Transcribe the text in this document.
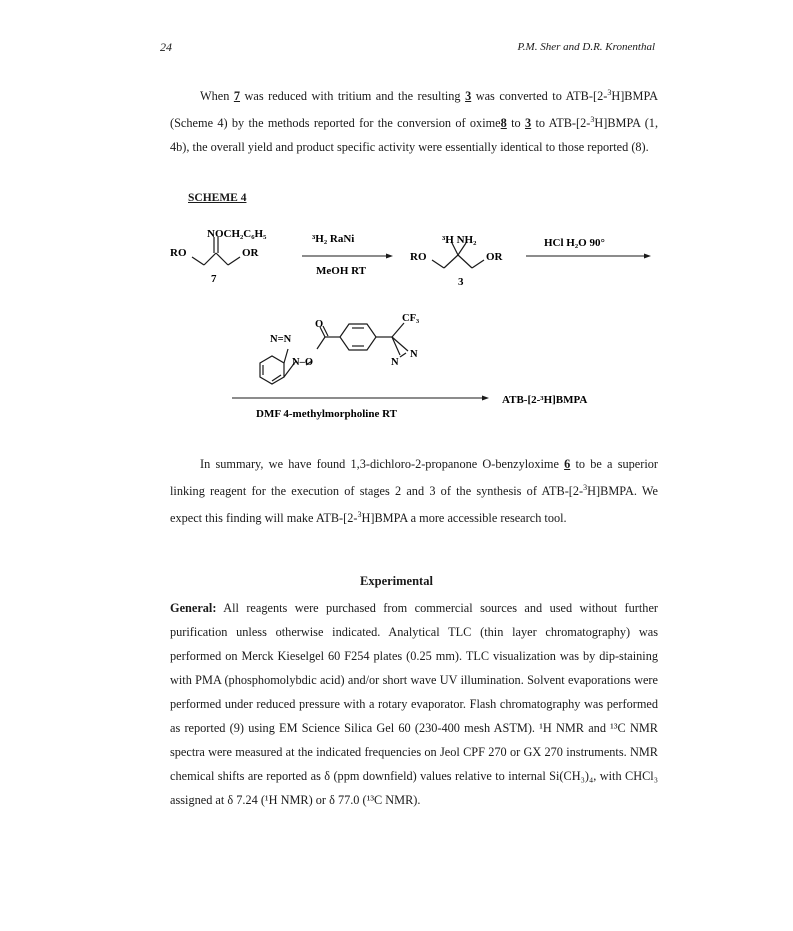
24	P.M. Sher and D.R. Kronenthal
When 7 was reduced with tritium and the resulting 3 was converted to ATB-[2-$^3$H]BMPA (Scheme 4) by the methods reported for the conversion of oxime8 to 3 to ATB-[2-$^3$H]BMPA (1, 4b), the overall yield and product specific activity were essentially identical to those reported (8).
SCHEME 4
NOCH₂C₆H₅
RO	OR
7
³H₂ RaNi
MeOH RT
³H NH₂
RO	OR
3
HCl H₂O 90°
N=N
N–O
O
CF₃
N
N
DMF 4-methylmorpholine RT
ATB-[2-³H]BMPA
In summary, we have found 1,3-dichloro-2-propanone O-benzyloxime 6 to be a superior linking reagent for the execution of stages 2 and 3 of the synthesis of ATB-[2-$^3$H]BMPA. We expect this finding will make ATB-[2-$^3$H]BMPA a more accessible research tool.
Experimental
General: All reagents were purchased from commercial sources and used without further purification unless otherwise indicated. Analytical TLC (thin layer chromatography) was performed on Merck Kieselgel 60 F254 plates (0.25 mm). TLC visualization was by dip-staining with PMA (phosphomolybdic acid) and/or short wave UV illumination. Solvent evaporations were performed under reduced pressure with a rotary evaporator. Flash chromatography was performed as reported (9) using EM Science Silica Gel 60 (230-400 mesh ASTM). ¹H NMR and ¹³C NMR spectra were measured at the indicated frequencies on Jeol CPF 270 or GX 270 instruments. NMR chemical shifts are reported as δ (ppm downfield) values relative to internal Si(CH₃)₄, with CHCl₃ assigned at δ 7.24 (¹H NMR) or δ 77.0 (¹³C NMR).
